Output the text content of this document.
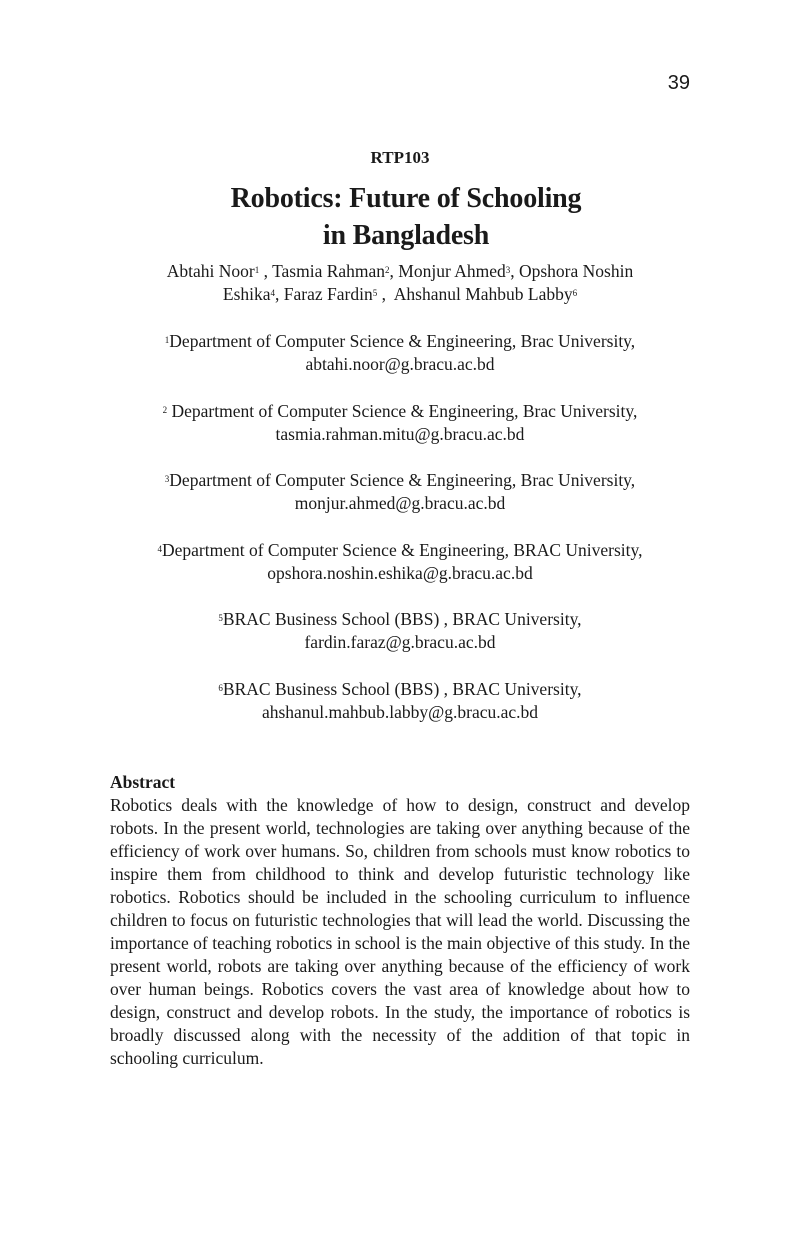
39
RTP103
Robotics: Future of Schooling
in Bangladesh
Abtahi Noor$^1$ , Tasmia Rahman$^2$, Monjur Ahmed$^3$, Opshora Noshin
Eshika$^4$, Faraz Fardin$^5$ ,  Ahshanul Mahbub Labby$^6$
$^1$Department of Computer Science & Engineering, Brac University,
abtahi.noor@g.bracu.ac.bd
$^2$ Department of Computer Science & Engineering, Brac University,
tasmia.rahman.mitu@g.bracu.ac.bd
$^3$Department of Computer Science & Engineering, Brac University,
monjur.ahmed@g.bracu.ac.bd
$^4$Department of Computer Science & Engineering, BRAC University,
opshora.noshin.eshika@g.bracu.ac.bd
$^5$BRAC Business School (BBS) , BRAC University,
fardin.faraz@g.bracu.ac.bd
$^6$BRAC Business School (BBS) , BRAC University,
ahshanul.mahbub.labby@g.bracu.ac.bd
Abstract
Robotics deals with the knowledge of how to design, construct and develop robots. In the present world, technologies are taking over anything because of the efficiency of work over humans. So, children from schools must know robotics to inspire them from childhood to think and develop futuristic technology like robotics. Robotics should be included in the schooling curriculum to influence children to focus on futuristic technologies that will lead the world. Discussing the importance of teaching robotics in school is the main objective of this study. In the present world, robots are taking over anything because of the efficiency of work over human beings. Robotics covers the vast area of knowledge about how to design, construct and develop robots. In the study, the importance of robotics is broadly discussed along with the necessity of the addition of that topic in schooling curriculum.
